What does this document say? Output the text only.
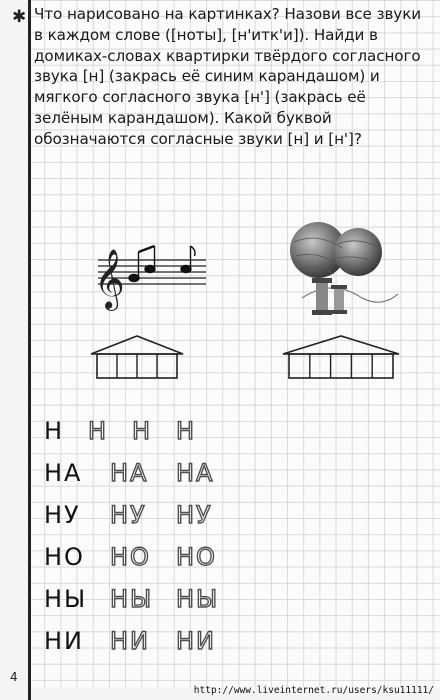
4
✱ Что нарисовано на картинках? Назови все звуки в каждом слове ([ноты], [н'итк'и]). Найди в домиках-словах квартирки твёрдого согласного звука [н] (закрась её синим карандашом) и мягкого согласного звука [н'] (закрась её зелёным карандашом). Какой буквой обозначаются согласные звуки [н] и [н']?

𝄞
Н Н Н Н
НА	НА	НА
НУ	НУ	НУ
НО	НО	НО
НЫ НЫ НЫ
НИ	НИ	НИ
http://www.liveinternet.ru/users/ksu11111/
